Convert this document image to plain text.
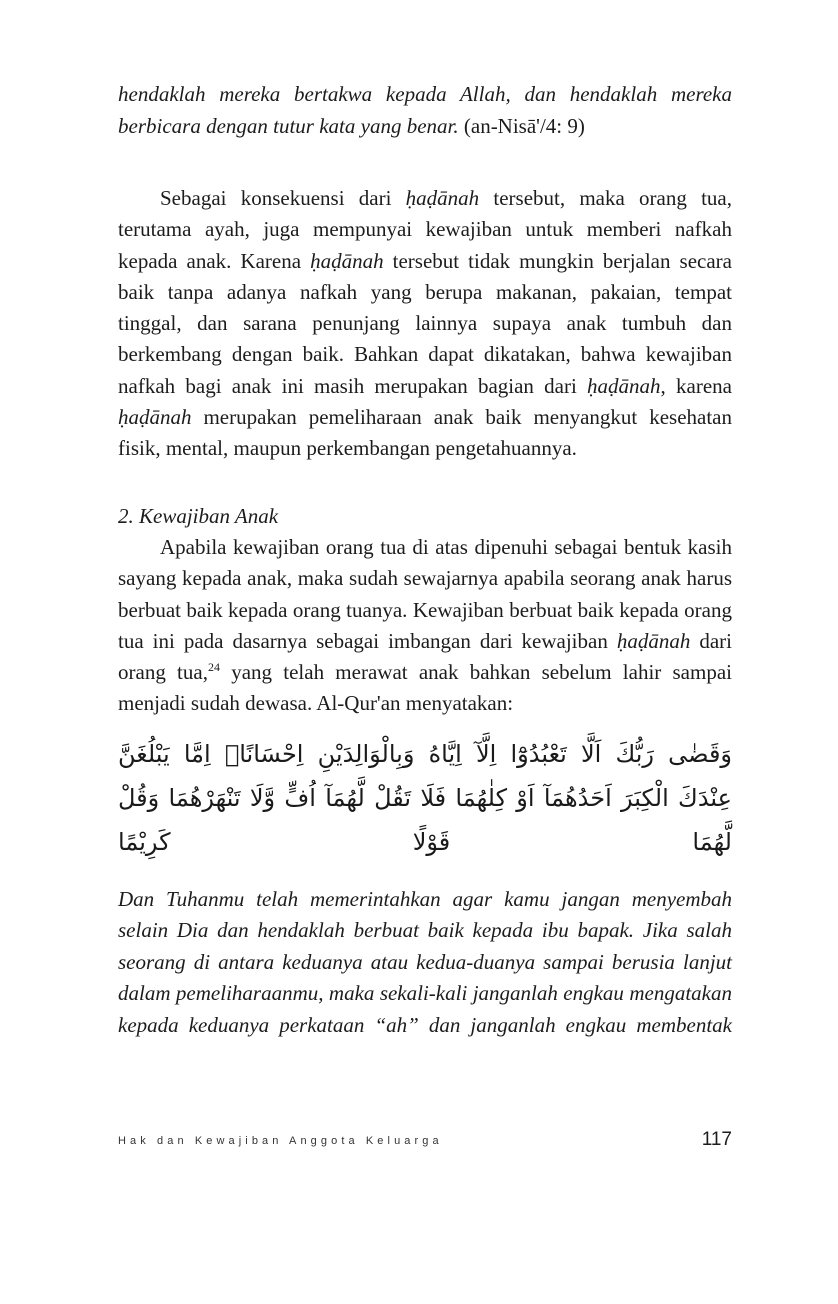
hendaklah mereka bertakwa kepada Allah, dan hendaklah mereka berbicara dengan tutur kata yang benar. (an-Nisā'/4: 9)

Sebagai konsekuensi dari ḥaḍānah tersebut, maka orang tua, terutama ayah, juga mempunyai kewajiban untuk memberi nafkah kepada anak. Karena ḥaḍānah tersebut tidak mungkin berjalan secara baik tanpa adanya nafkah yang berupa makanan, pakaian, tempat tinggal, dan sarana penunjang lainnya supaya anak tumbuh dan berkembang dengan baik. Bahkan dapat dikatakan, bahwa kewajiban nafkah bagi anak ini masih merupakan bagian dari ḥaḍānah, karena ḥaḍānah merupakan pemeliharaan anak baik menyangkut kesehatan fisik, mental, maupun perkembangan pengetahuannya.

2. Kewajiban Anak

Apabila kewajiban orang tua di atas dipenuhi sebagai bentuk kasih sayang kepada anak, maka sudah sewajarnya apabila seorang anak harus berbuat baik kepada orang tuanya. Kewajiban berbuat baik kepada orang tua ini pada dasarnya sebagai imbangan dari kewajiban ḥaḍānah dari orang tua,$^{24}$ yang telah merawat anak bahkan sebelum lahir sampai menjadi sudah dewasa. Al-Qur'an menyatakan:

وَقَضٰى رَبُّكَ اَلَّا تَعْبُدُوْٓا اِلَّآ اِيَّاهُ وَبِالْوَالِدَيْنِ اِحْسَانًاۗ اِمَّا يَبْلُغَنَّ عِنْدَكَ الْكِبَرَ اَحَدُهُمَآ اَوْ كِلٰهُمَا فَلَا تَقُلْ لَّهُمَآ اُفٍّ وَّلَا تَنْهَرْهُمَا وَقُلْ لَّهُمَا قَوْلًا كَرِيْمًا

Dan Tuhanmu telah memerintahkan agar kamu jangan menyembah selain Dia dan hendaklah berbuat baik kepada ibu bapak. Jika salah seorang di antara keduanya atau kedua-duanya sampai berusia lanjut dalam pemeliharaanmu, maka sekali-kali janganlah engkau mengatakan kepada keduanya perkataan “ah” dan janganlah engkau membentak

Hak dan Kewajiban Anggota Keluarga	117
